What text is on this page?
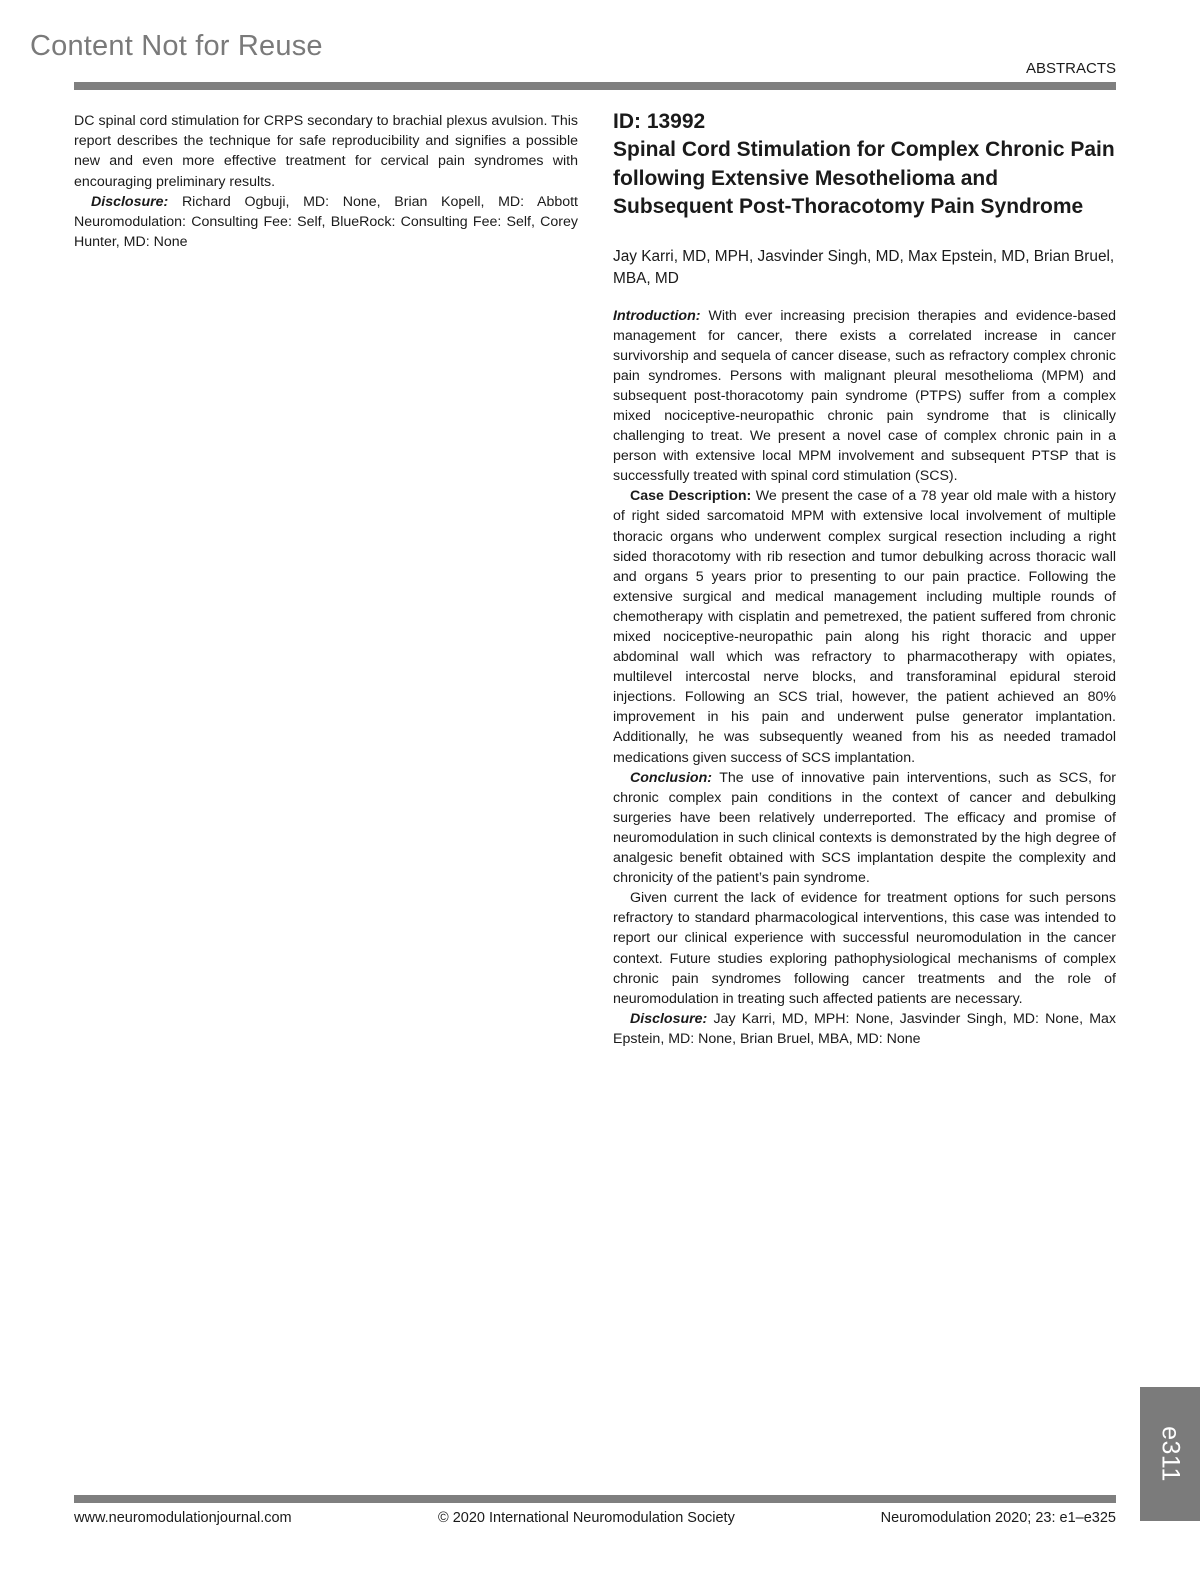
Content Not for Reuse
ABSTRACTS

DC spinal cord stimulation for CRPS secondary to brachial plexus avulsion. This report describes the technique for safe reproducibility and signifies a possible new and even more effective treatment for cervical pain syndromes with encouraging preliminary results.

Disclosure: Richard Ogbuji, MD: None, Brian Kopell, MD: Abbott Neuromodulation: Consulting Fee: Self, BlueRock: Consulting Fee: Self, Corey Hunter, MD: None

ID: 13992
Spinal Cord Stimulation for Complex Chronic Pain following Extensive Mesothelioma and Subsequent Post-Thoracotomy Pain Syndrome
Jay Karri, MD, MPH, Jasvinder Singh, MD, Max Epstein, MD, Brian Bruel, MBA, MD

Introduction: With ever increasing precision therapies and evidence-based management for cancer, there exists a correlated increase in cancer survivorship and sequela of cancer disease, such as refractory complex chronic pain syndromes. Persons with malignant pleural mesothelioma (MPM) and subsequent post-thoracotomy pain syndrome (PTPS) suffer from a complex mixed nociceptive-neuropathic chronic pain syndrome that is clinically challenging to treat. We present a novel case of complex chronic pain in a person with extensive local MPM involvement and subsequent PTSP that is successfully treated with spinal cord stimulation (SCS).

Case Description: We present the case of a 78 year old male with a history of right sided sarcomatoid MPM with extensive local involvement of multiple thoracic organs who underwent complex surgical resection including a right sided thoracotomy with rib resection and tumor debulking across thoracic wall and organs 5 years prior to presenting to our pain practice. Following the extensive surgical and medical management including multiple rounds of chemotherapy with cisplatin and pemetrexed, the patient suffered from chronic mixed nociceptive-neuropathic pain along his right thoracic and upper abdominal wall which was refractory to pharmacotherapy with opiates, multilevel intercostal nerve blocks, and transforaminal epidural steroid injections. Following an SCS trial, however, the patient achieved an 80% improvement in his pain and underwent pulse generator implantation. Additionally, he was subsequently weaned from his as needed tramadol medications given success of SCS implantation.

Conclusion: The use of innovative pain interventions, such as SCS, for chronic complex pain conditions in the context of cancer and debulking surgeries have been relatively underreported. The efficacy and promise of neuromodulation in such clinical contexts is demonstrated by the high degree of analgesic benefit obtained with SCS implantation despite the complexity and chronicity of the patient’s pain syndrome.

Given current the lack of evidence for treatment options for such persons refractory to standard pharmacological interventions, this case was intended to report our clinical experience with successful neuromodulation in the cancer context. Future studies exploring pathophysiological mechanisms of complex chronic pain syndromes following cancer treatments and the role of neuromodulation in treating such affected patients are necessary.

Disclosure: Jay Karri, MD, MPH: None, Jasvinder Singh, MD: None, Max Epstein, MD: None, Brian Bruel, MBA, MD: None

e311
www.neuromodulationjournal.com	© 2020 International Neuromodulation Society	Neuromodulation 2020; 23: e1–e325
